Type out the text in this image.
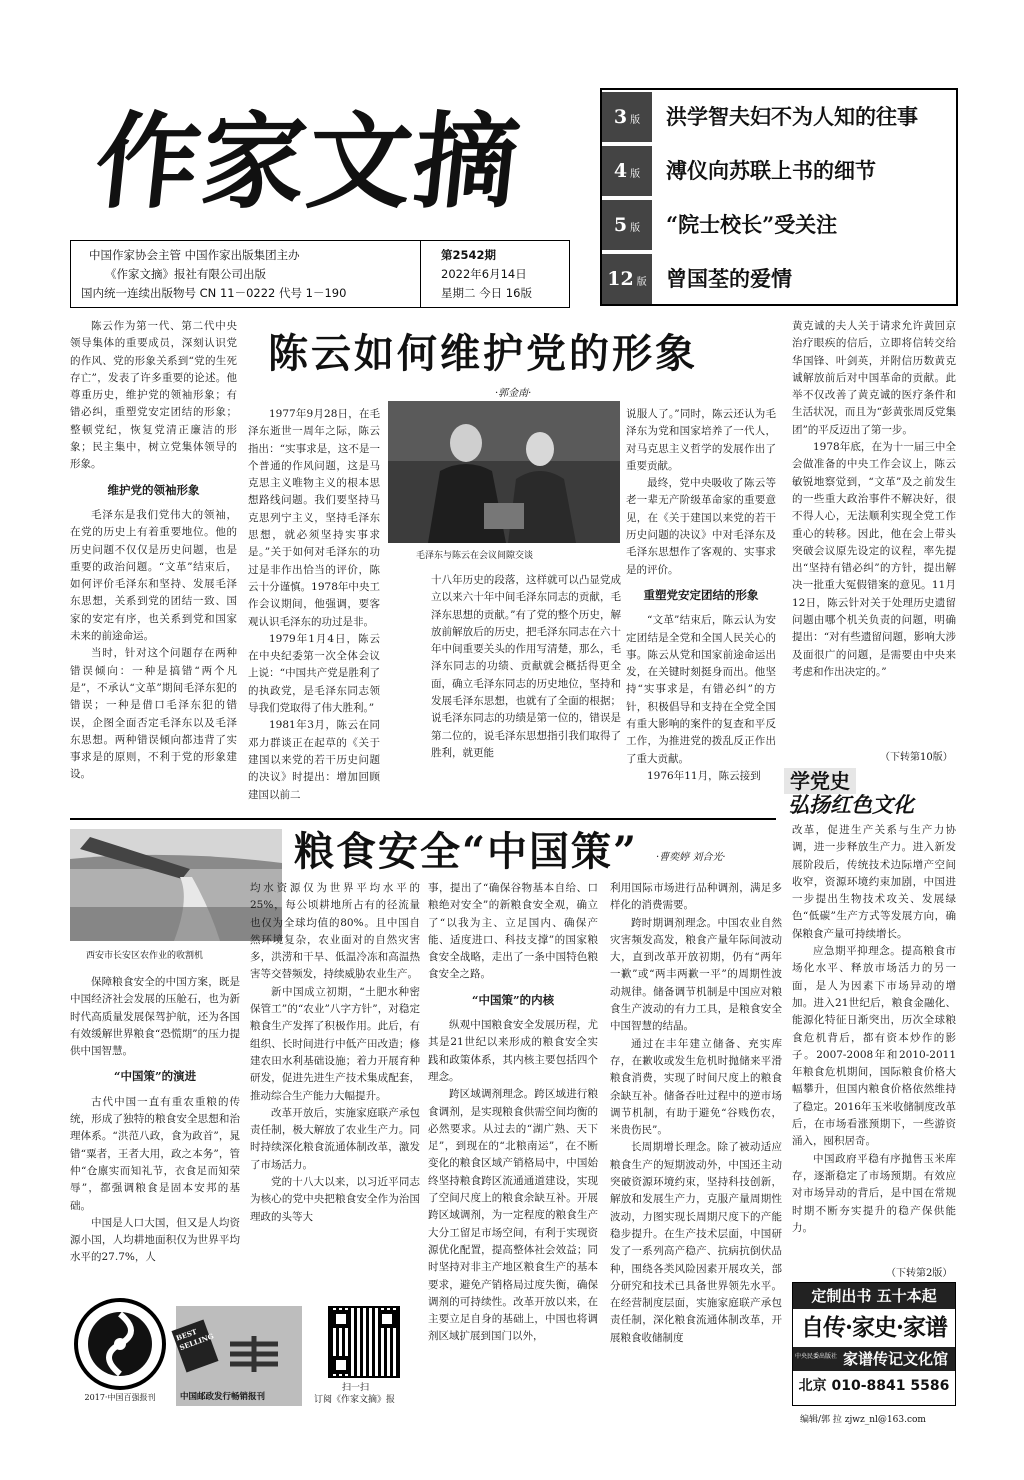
作家文摘
中国作家协会主管 中国作家出版集团主办
《作家文摘》报社有限公司出版
国内统一连续出版物号 CN 11－0222 代号 1－190
第2542期
2022年6月14日
星期二 今日 16版
3 版	洪学智夫妇不为人知的往事
4 版	溥仪向苏联上书的细节
5 版	“院士校长”受关注
12 版 曾国荃的爱情
陈云如何维护党的形象
·郭金南·

陈云作为第一代、第二代中央领导集体的重要成员，深刻认识党的作风、党的形象关系到“党的生死存亡”，发表了许多重要的论述。他尊重历史，维护党的领袖形象；有错必纠，重塑党安定团结的形象；整顿党纪，恢复党清正廉洁的形象；民主集中，树立党集体领导的形象。

维护党的领袖形象

毛泽东是我们党伟大的领袖，在党的历史上有着重要地位。他的历史问题不仅仅是历史问题，也是重要的政治问题。“文革”结束后，如何评价毛泽东和坚持、发展毛泽东思想，关系到党的团结一致、国家的安定有序，也关系到党和国家未来的前途命运。

当时，针对这个问题存在两种错误倾向：一种是搞错“两个凡是”，不承认“文革”期间毛泽东犯的错误；一种是借口毛泽东犯的错误，企图全面否定毛泽东以及毛泽东思想。两种错误倾向都违背了实事求是的原则，不利于党的形象建设。

1977年9月28日，在毛泽东逝世一周年之际，陈云指出：“实事求是，这不是一个普通的作风问题，这是马克思主义唯物主义的根本思想路线问题。我们要坚持马克思列宁主义，坚持毛泽东思想，就必须坚持实事求是。”关于如何对毛泽东的功过是非作出恰当的评价，陈云十分谨慎。1978年中央工作会议期间，他强调，要客观认识毛泽东的功过是非。

1979年1月4日，陈云在中央纪委第一次全体会议上说：“中国共产党是胜利了的执政党，是毛泽东同志领导我们党取得了伟大胜利。”

1981年3月，陈云在同邓力群谈正在起草的《关于建国以来党的若干历史问题的决议》时提出：增加回顾建国以前二

毛泽东与陈云在会议间隙交谈

十八年历史的段落，这样就可以凸显党成立以来六十年中间毛泽东同志的贡献，毛泽东思想的贡献。”有了党的整个历史，解放前解放后的历史，把毛泽东同志在六十年中间重要关头的作用写清楚，那么，毛泽东同志的功绩、贡献就会概括得更全面，确立毛泽东同志的历史地位，坚持和发展毛泽东思想，也就有了全面的根据；说毛泽东同志的功绩是第一位的，错误是第二位的，说毛泽东思想指引我们取得了胜利，就更能

说服人了。”同时，陈云还认为毛泽东为党和国家培养了一代人，对马克思主义哲学的发展作出了重要贡献。

最终，党中央吸收了陈云等老一辈无产阶级革命家的重要意见，在《关于建国以来党的若干历史问题的决议》中对毛泽东及毛泽东思想作了客观的、实事求是的评价。

重塑党安定团结的形象

“文革”结束后，陈云认为安定团结是全党和全国人民关心的事。陈云从党和国家前途命运出发，在关键时刻挺身而出。他坚持“实事求是，有错必纠”的方针，积极倡导和支持在全党全国有重大影响的案件的复查和平反工作，为推进党的拨乱反正作出了重大贡献。

1976年11月，陈云接到

黄克诚的夫人关于请求允许黄回京治疗眼疾的信后，立即将信转交给华国锋、叶剑英，并附信历数黄克诚解放前后对中国革命的贡献。此举不仅改善了黄克诚的医疗条件和生活状况，而且为“彭黄张周反党集团”的平反迈出了第一步。

1978年底，在为十一届三中全会做准备的中央工作会议上，陈云敏锐地察觉到，“文革”及之前发生的一些重大政治事件不解决好，很不得人心，无法顺利实现全党工作重心的转移。因此，他在会上带头突破会议原先设定的议程，率先提出“坚持有错必纠”的方针，提出解决一批重大冤假错案的意见。11月12日，陈云针对关于处理历史遗留问题由哪个机关负责的问题，明确提出：“对有些遗留问题，影响大涉及面很广的问题，是需要由中央来考虑和作出决定的。”

（下转第10版）
学党史
弘扬红色文化
西安市长安区农作业的收割机
粮食安全“中国策” ·曹奕婷 刘合光·

保障粮食安全的中国方案，既是中国经济社会发展的压舱石，也为新时代高质量发展保驾护航，还为各国有效缓解世界粮食“恐慌期”的压力提供中国智慧。

“中国策”的演进

古代中国一直有重农重粮的传统，形成了独特的粮食安全思想和治理体系。“洪范八政，食为政首”，晁错“粟者，王者大用，政之本务”，管仲“仓廪实而知礼节，衣食足而知荣辱”，都强调粮食是固本安邦的基础。

中国是人口大国，但又是人均资源小国，人均耕地面积仅为世界平均水平的27.7%，人

均水资源仅为世界平均水平的25%，每公顷耕地所占有的径流量也仅为全球均值的80%。且中国自然环境复杂，农业面对的自然灾害多，洪涝和干旱、低温冷冻和高温热害等交替频发，持续威胁农业生产。

新中国成立初期，“土肥水种密保管工”的“农业”八字方针”，对稳定粮食生产发挥了积极作用。此后，有组织、长时间进行中低产田改造；修建农田水利基础设施；着力开展育种研发，促进先进生产技术集成配套，推动综合生产能力大幅提升。

改革开放后，实施家庭联产承包责任制，极大解放了农业生产力。同时持续深化粮食流通体制改革，激发了市场活力。

党的十八大以来，以习近平同志为核心的党中央把粮食安全作为治国理政的头等大

事，提出了“确保谷物基本自给、口粮绝对安全”的新粮食安全观，确立了“以我为主、立足国内、确保产能、适度进口、科技支撑”的国家粮食安全战略，走出了一条中国特色粮食安全之路。

“中国策”的内核

纵观中国粮食安全发展历程，尤其是21世纪以来形成的粮食安全实践和政策体系，其内核主要包括四个理念。

跨区域调剂理念。跨区域进行粮食调剂，是实现粮食供需空间均衡的必然要求。从过去的“湖广熟、天下足”，到现在的“北粮南运”，在不断变化的粮食区域产销格局中，中国始终坚持粮食跨区流通通道建设，实现了空间尺度上的粮食余缺互补。开展跨区域调剂，为一定程度的粮食生产大分工留足市场空间，有利于实现资源优化配置，提高整体社会效益；同时坚持对非主产地区粮食生产的基本要求，避免产销格局过度失衡，确保调剂的可持续性。改革开放以来，在主要立足自身的基础上，中国也将调剂区域扩展到国门以外，

利用国际市场进行品种调剂，满足多样化的消费需要。

跨时期调剂理念。中国农业自然灾害频发高发，粮食产量年际间波动大，直到改革开放初期，仍有“两年一歉”或“两丰两歉一平”的周期性波动规律。储备调节机制是中国应对粮食生产波动的有力工具，是粮食安全中国智慧的结晶。

通过在丰年建立储备、充实库存，在歉收或发生危机时抛储来平滑粮食消费，实现了时间尺度上的粮食余缺互补。储备吞吐过程中的逆市场调节机制，有助于避免“谷贱伤农，米贵伤民”。

长周期增长理念。除了被动适应粮食生产的短期波动外，中国还主动突破资源环境约束，坚持科技创新，解放和发展生产力，克服产量周期性波动，力图实现长周期尺度下的产能稳步提升。在生产技术层面，中国研发了一系列高产稳产、抗病抗倒伏品种，围绕各类风险因素开展攻关，部分研究和技术已具备世界领先水平。在经营制度层面，实施家庭联产承包责任制，深化粮食流通体制改革，开展粮食收储制度

改革，促进生产关系与生产力协调，进一步释放生产力。进入新发展阶段后，传统技术边际增产空间收窄，资源环境约束加剧，中国进一步提出生物技术攻关、发展绿色“低碳”生产方式等发展方向，确保粮食产量可持续增长。

应急期平抑理念。提高粮食市场化水平、释放市场活力的另一面，是人为因素下市场异动的增加。进入21世纪后，粮食金融化、能源化特征日渐突出，历次全球粮食危机背后，都有资本炒作的影子。2007-2008年和2010-2011年粮食危机期间，国际粮食价格大幅攀升，但国内粮食价格依然维持了稳定。2016年玉米收储制度改革后，在市场看涨预期下，一些游资涌入，囤积居奇。

中国政府平稳有序抛售玉米库存，逐渐稳定了市场预期。有效应对市场异动的背后，是中国在常规时期不断夯实提升的稳产保供能力。

（下转第2版）
2017·中国百强报刊
BEST SELLING
中国邮政发行畅销报刊
扫一扫
订阅《作家文摘》报
定制出书 五十本起
自传·家史·家谱
中央民委出版社 家谱传记文化馆
北京 010-8841 5586
编辑/郭 拉 zjwz_nl@163.com
